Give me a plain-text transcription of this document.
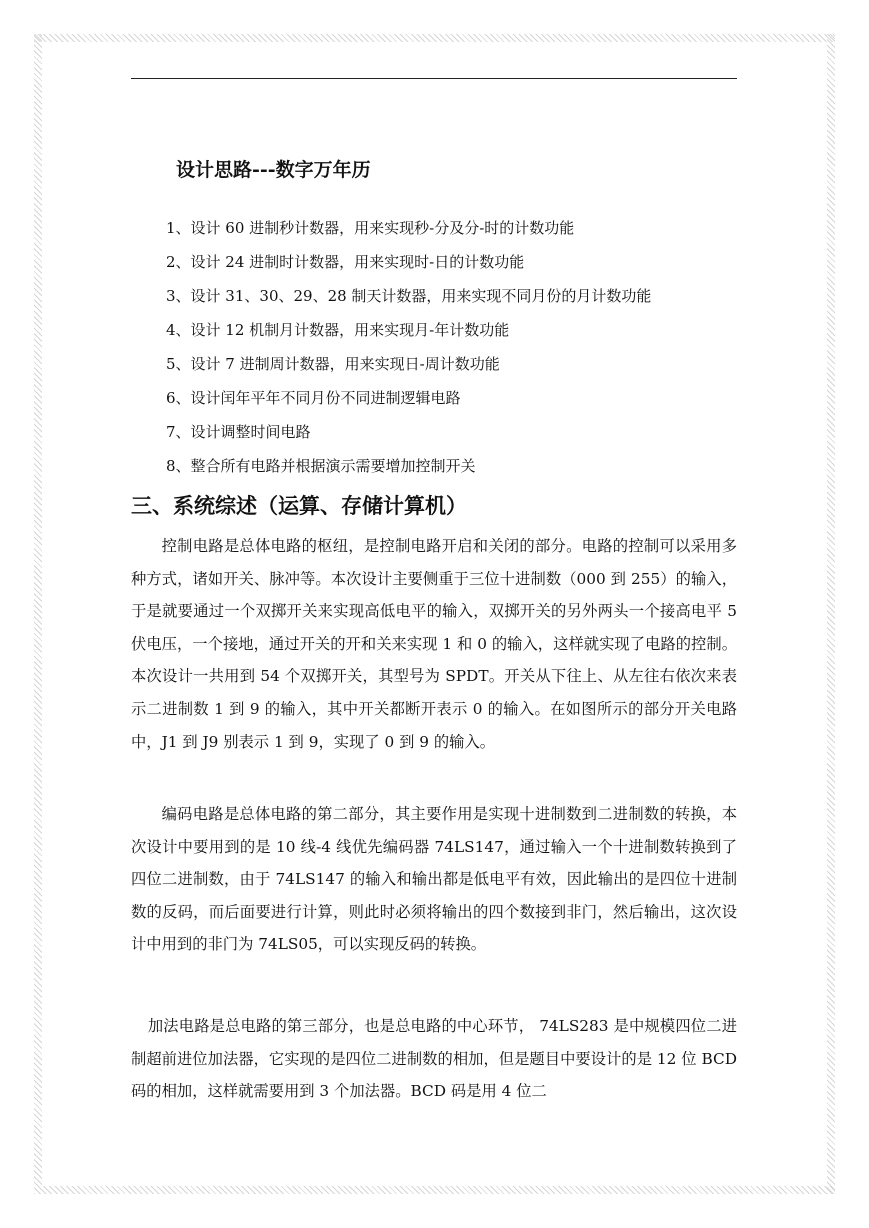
设计思路---数字万年历
1、设计 60 进制秒计数器，用来实现秒-分及分-时的计数功能
2、设计 24 进制时计数器，用来实现时-日的计数功能
3、设计 31、30、29、28 制天计数器，用来实现不同月份的月计数功能
4、设计 12 机制月计数器，用来实现月-年计数功能
5、设计 7 进制周计数器，用来实现日-周计数功能
6、设计闰年平年不同月份不同进制逻辑电路
7、设计调整时间电路
8、整合所有电路并根据演示需要增加控制开关
三、系统综述（运算、存储计算机）

控制电路是总体电路的枢纽，是控制电路开启和关闭的部分。电路的控制可以采用多种方式，诸如开关、脉冲等。本次设计主要侧重于三位十进制数（000 到 255）的输入，于是就要通过一个双掷开关来实现高低电平的输入，双掷开关的另外两头一个接高电平 5 伏电压，一个接地，通过开关的开和关来实现 1 和 0 的输入，这样就实现了电路的控制。本次设计一共用到 54 个双掷开关，其型号为 SPDT。开关从下往上、从左往右依次来表示二进制数 1 到 9 的输入，其中开关都断开表示 0 的输入。在如图所示的部分开关电路中，J1 到 J9 别表示 1 到 9，实现了 0 到 9 的输入。

编码电路是总体电路的第二部分，其主要作用是实现十进制数到二进制数的转换，本次设计中要用到的是 10 线-4 线优先编码器 74LS147，通过输入一个十进制数转换到了四位二进制数，由于 74LS147 的输入和输出都是低电平有效，因此输出的是四位十进制数的反码，而后面要进行计算，则此时必须将输出的四个数接到非门，然后输出，这次设计中用到的非门为 74LS05，可以实现反码的转换。

加法电路是总电路的第三部分，也是总电路的中心环节， 74LS283 是中规模四位二进制超前进位加法器，它实现的是四位二进制数的相加，但是题目中要设计的是 12 位 BCD 码的相加，这样就需要用到 3 个加法器。BCD 码是用 4 位二
